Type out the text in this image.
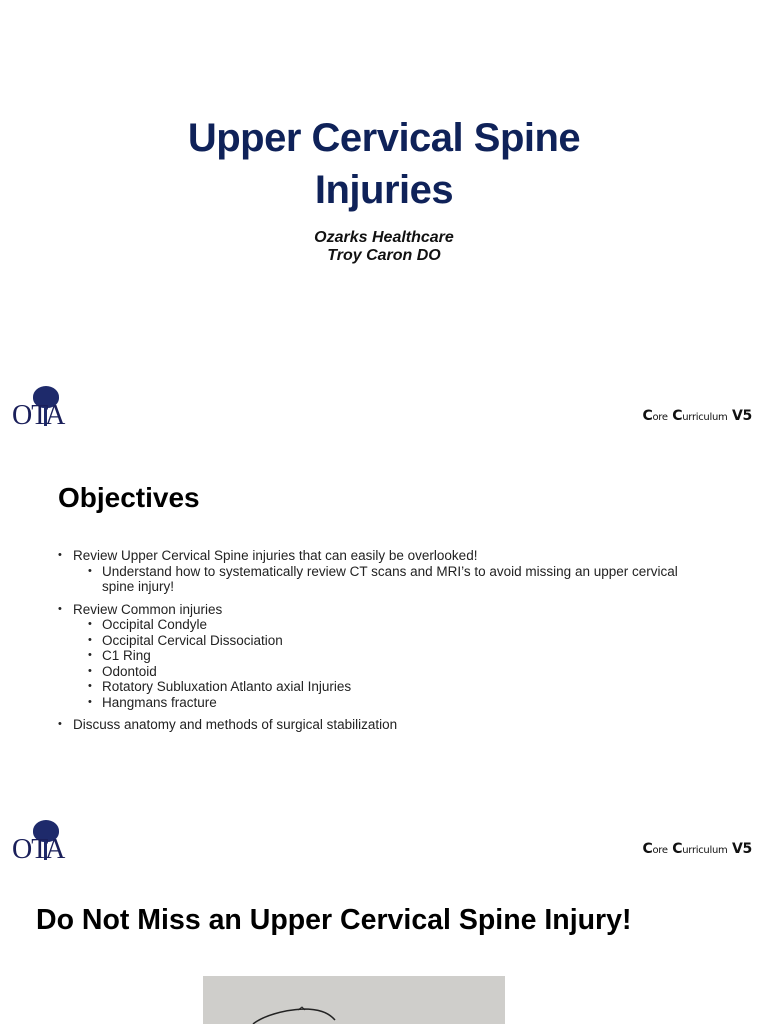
Upper Cervical Spine
Injuries
Ozarks Healthcare
Troy Caron DO
OTA	Core Curriculum V5
Objectives
• Review Upper Cervical Spine injuries that can easily be overlooked!
• Understand how to systematically review CT scans and MRI’s to avoid missing an upper cervical spine injury!
• Review Common injuries
• Occipital Condyle
• Occipital Cervical Dissociation
• C1 Ring
• Odontoid
• Rotatory Subluxation Atlanto axial Injuries
• Hangmans fracture
• Discuss anatomy and methods of surgical stabilization
OTA	Core Curriculum V5
Do Not Miss an Upper Cervical Spine Injury!
